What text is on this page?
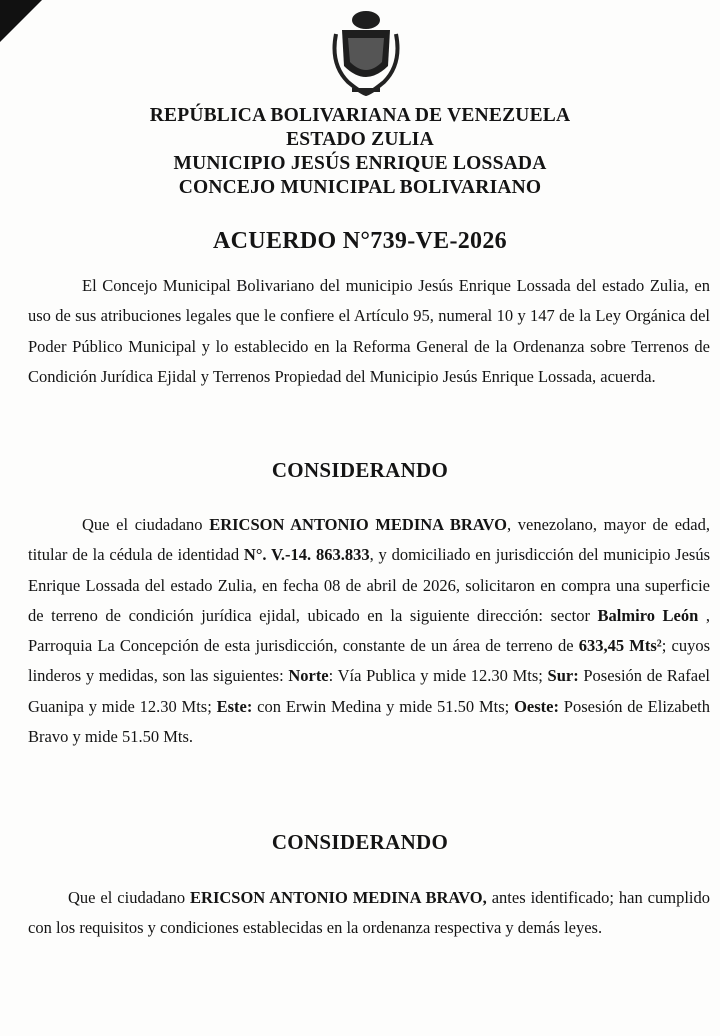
REPÚBLICA BOLIVARIANA DE VENEZUELA
ESTADO ZULIA
MUNICIPIO JESÚS ENRIQUE LOSSADA
CONCEJO MUNICIPAL BOLIVARIANO
ACUERDO N°739-VE-2026
El Concejo Municipal Bolivariano del municipio Jesús Enrique Lossada del estado Zulia, en uso de sus atribuciones legales que le confiere el Artículo 95, numeral 10 y 147 de la Ley Orgánica del Poder Público Municipal y lo establecido en la Reforma General de la Ordenanza sobre Terrenos de Condición Jurídica Ejidal y Terrenos Propiedad del Municipio Jesús Enrique Lossada, acuerda.
CONSIDERANDO
Que el ciudadano ERICSON ANTONIO MEDINA BRAVO, venezolano, mayor de edad, titular de la cédula de identidad N°. V.-14. 863.833, y domiciliado en jurisdicción del municipio Jesús Enrique Lossada del estado Zulia, en fecha 08 de abril de 2026, solicitaron en compra una superficie de terreno de condición jurídica ejidal, ubicado en la siguiente dirección: sector Balmiro León , Parroquia La Concepción de esta jurisdicción, constante de un área de terreno de 633,45 Mts²; cuyos linderos y medidas, son las siguientes: Norte: Vía Publica y mide 12.30 Mts; Sur: Posesión de Rafael Guanipa y mide 12.30 Mts; Este: con Erwin Medina y mide 51.50 Mts; Oeste: Posesión de Elizabeth Bravo y mide 51.50 Mts.
CONSIDERANDO
Que el ciudadano ERICSON ANTONIO MEDINA BRAVO, antes identificado; han cumplido con los requisitos y condiciones establecidas en la ordenanza respectiva y demás leyes.
